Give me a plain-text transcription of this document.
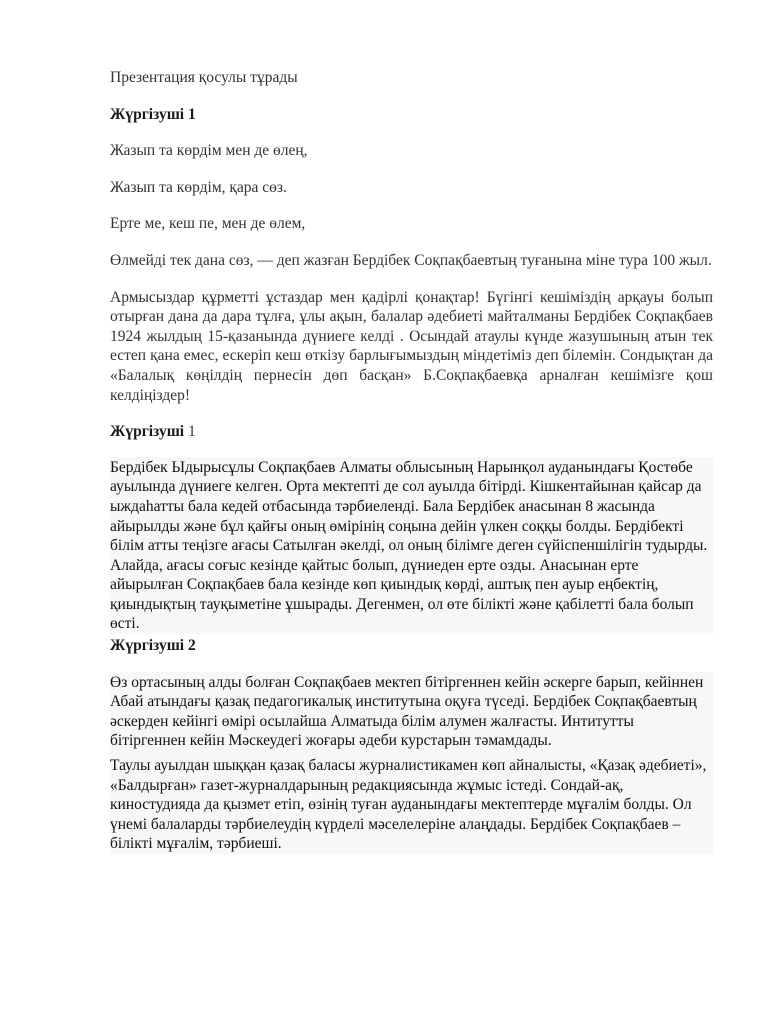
Презентация қосулы тұрады

Жүргізуші 1

Жазып та көрдім мен де өлең,

Жазып та көрдім, қара сөз.

Ерте ме, кеш пе, мен де өлем,

Өлмейді тек дана сөз, — деп жазған Бердібек Соқпақбаевтың туғанына міне тура 100 жыл.

Армысыздар құрметті ұстаздар мен қадірлі қонақтар! Бүгінгі кешіміздің арқауы болып отырған дана да дара тұлға, ұлы ақын, балалар әдебиеті майталманы Бердібек Соқпақбаев 1924 жылдың 15-қазанында дүниеге келді . Осындай атаулы күнде жазушының атын тек естеп қана емес, ескеріп кеш өткізу барлығымыздың міндетіміз деп білемін. Сондықтан да «Балалық көңілдің пернесін дөп басқан» Б.Соқпақбаевқа арналған кешімізге қош келдіңіздер!

Жүргізуші 1

Бердібек Ыдырысұлы Соқпақбаев Алматы облысының Нарынқол ауданындағы Қостөбе ауылында дүниеге келген. Орта мектепті де сол ауылда бітірді. Кішкентайынан қайсар да ыждаһатты бала кедей отбасында тәрбиеленді. Бала Бердібек анасынан 8 жасында айырылды және бұл қайғы оның өмірінің соңына дейін үлкен соққы болды. Бердібекті білім атты теңізге ағасы Сатылған әкелді, ол оның білімге деген сүйіспеншілігін тудырды. Алайда, ағасы соғыс кезінде қайтыс болып, дүниеден ерте озды. Анасынан ерте айырылған Соқпақбаев бала кезінде көп қиындық көрді, аштық пен ауыр еңбектің, қиындықтың тауқыметіне ұшырады. Дегенмен, ол өте білікті және қабілетті бала болып өсті.

Жүргізуші 2

Өз ортасының алды болған Соқпақбаев мектеп бітіргеннен кейін әскерге барып, кейіннен Абай атындағы қазақ педагогикалық институтына оқуға түседі. Бердібек Соқпақбаевтың әскерден кейінгі өмірі осылайша Алматыда білім алумен жалғасты. Интитутты бітіргеннен кейін Мәскеудегі жоғары әдеби курстарын тәмамдады.

Таулы ауылдан шыққан қазақ баласы журналистикамен көп айналысты, «Қазақ әдебиеті», «Балдырған» газет-журналдарының редакциясында жұмыс істеді. Сондай-ақ, киностудияда да қызмет етіп, өзінің туған ауданындағы мектептерде мұғалім болды. Ол үнемі балаларды тәрбиелеудің күрделі мәселелеріне алаңдады. Бердібек Соқпақбаев – білікті мұғалім, тәрбиеші.
